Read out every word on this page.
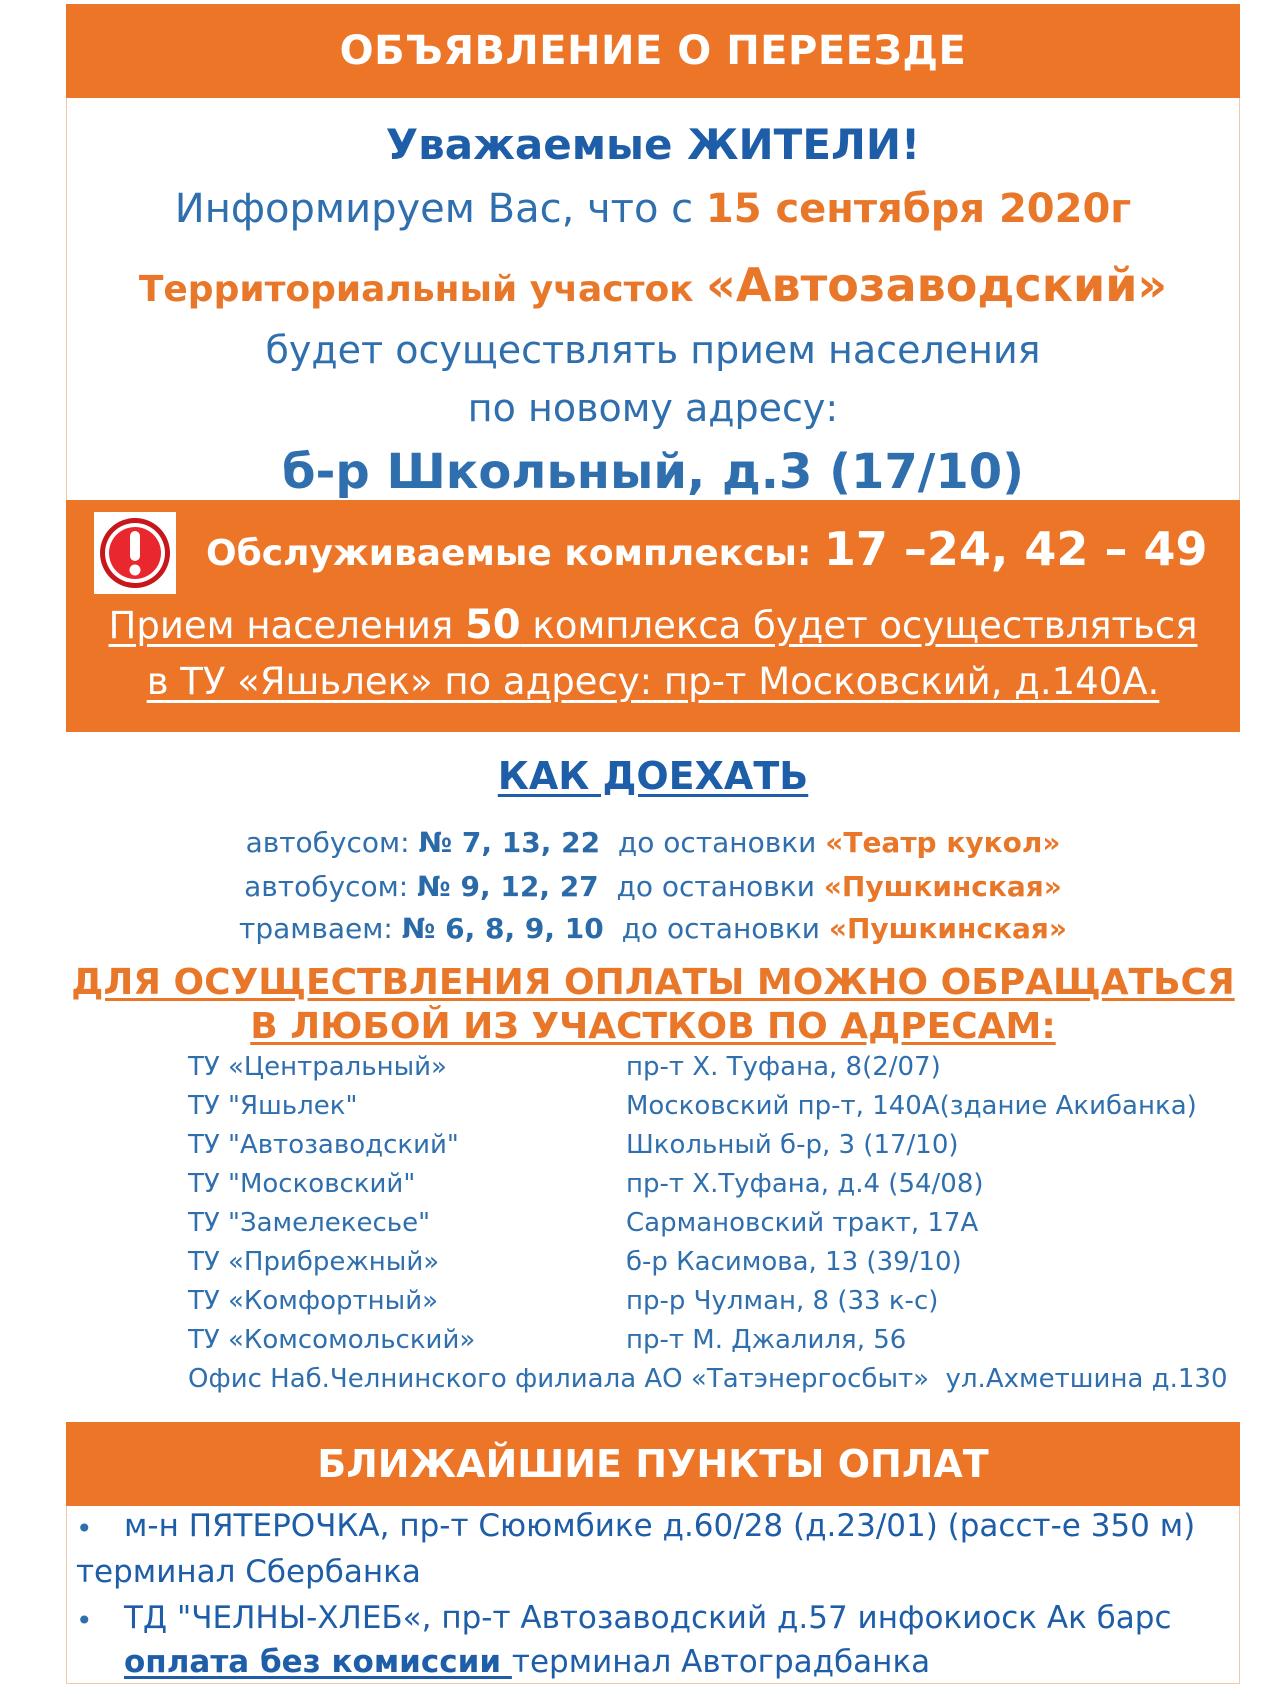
ОБЪЯВЛЕНИЕ О ПЕРЕЕЗДЕ
Уважаемые ЖИТЕЛИ!
Информируем Вас, что с 15 сентября 2020г
Территориальный участок «Автозаводский»
будет осуществлять прием населения
по новому адресу:
б-р Школьный, д.3 (17/10)
Обслуживаемые комплексы: 17 –24, 42 – 49
Прием населения 50 комплекса будет осуществляться
в ТУ «Яшьлек» по адресу: пр-т Московский, д.140А.
КАК ДОЕХАТЬ
автобусом: № 7, 13, 22  до остановки «Театр кукол»
автобусом: № 9, 12, 27  до остановки «Пушкинская»
трамваем: № 6, 8, 9, 10  до остановки «Пушкинская»
ДЛЯ ОСУЩЕСТВЛЕНИЯ ОПЛАТЫ МОЖНО ОБРАЩАТЬСЯ
В ЛЮБОЙ ИЗ УЧАСТКОВ ПО АДРЕСАМ:
ТУ «Центральный»	пр-т Х. Туфана, 8(2/07)
ТУ "Яшьлек"	Московский пр-т, 140А(здание Акибанка)
ТУ "Автозаводский"	Школьный б-р, 3 (17/10)
ТУ "Московский"	пр-т Х.Туфана, д.4 (54/08)
ТУ "Замелекесье"	Сармановский тракт, 17А
ТУ «Прибрежный»	б-р Касимова, 13 (39/10)
ТУ «Комфортный»	пр-р Чулман, 8 (33 к-с)
ТУ «Комсомольский»	пр-т М. Джалиля, 56
Офис Наб.Челнинского филиала АО «Татэнергосбыт»  ул.Ахметшина д.130
БЛИЖАЙШИЕ ПУНКТЫ ОПЛАТ
• м-н ПЯТЕРОЧКА, пр-т Сююмбике д.60/28 (д.23/01) (расст-е 350 м)
терминал Сбербанка
• ТД "ЧЕЛНЫ-ХЛЕБ«, пр-т Автозаводский д.57 инфокиоск Ак барс
оплата без комиссии терминал Автоградбанка
